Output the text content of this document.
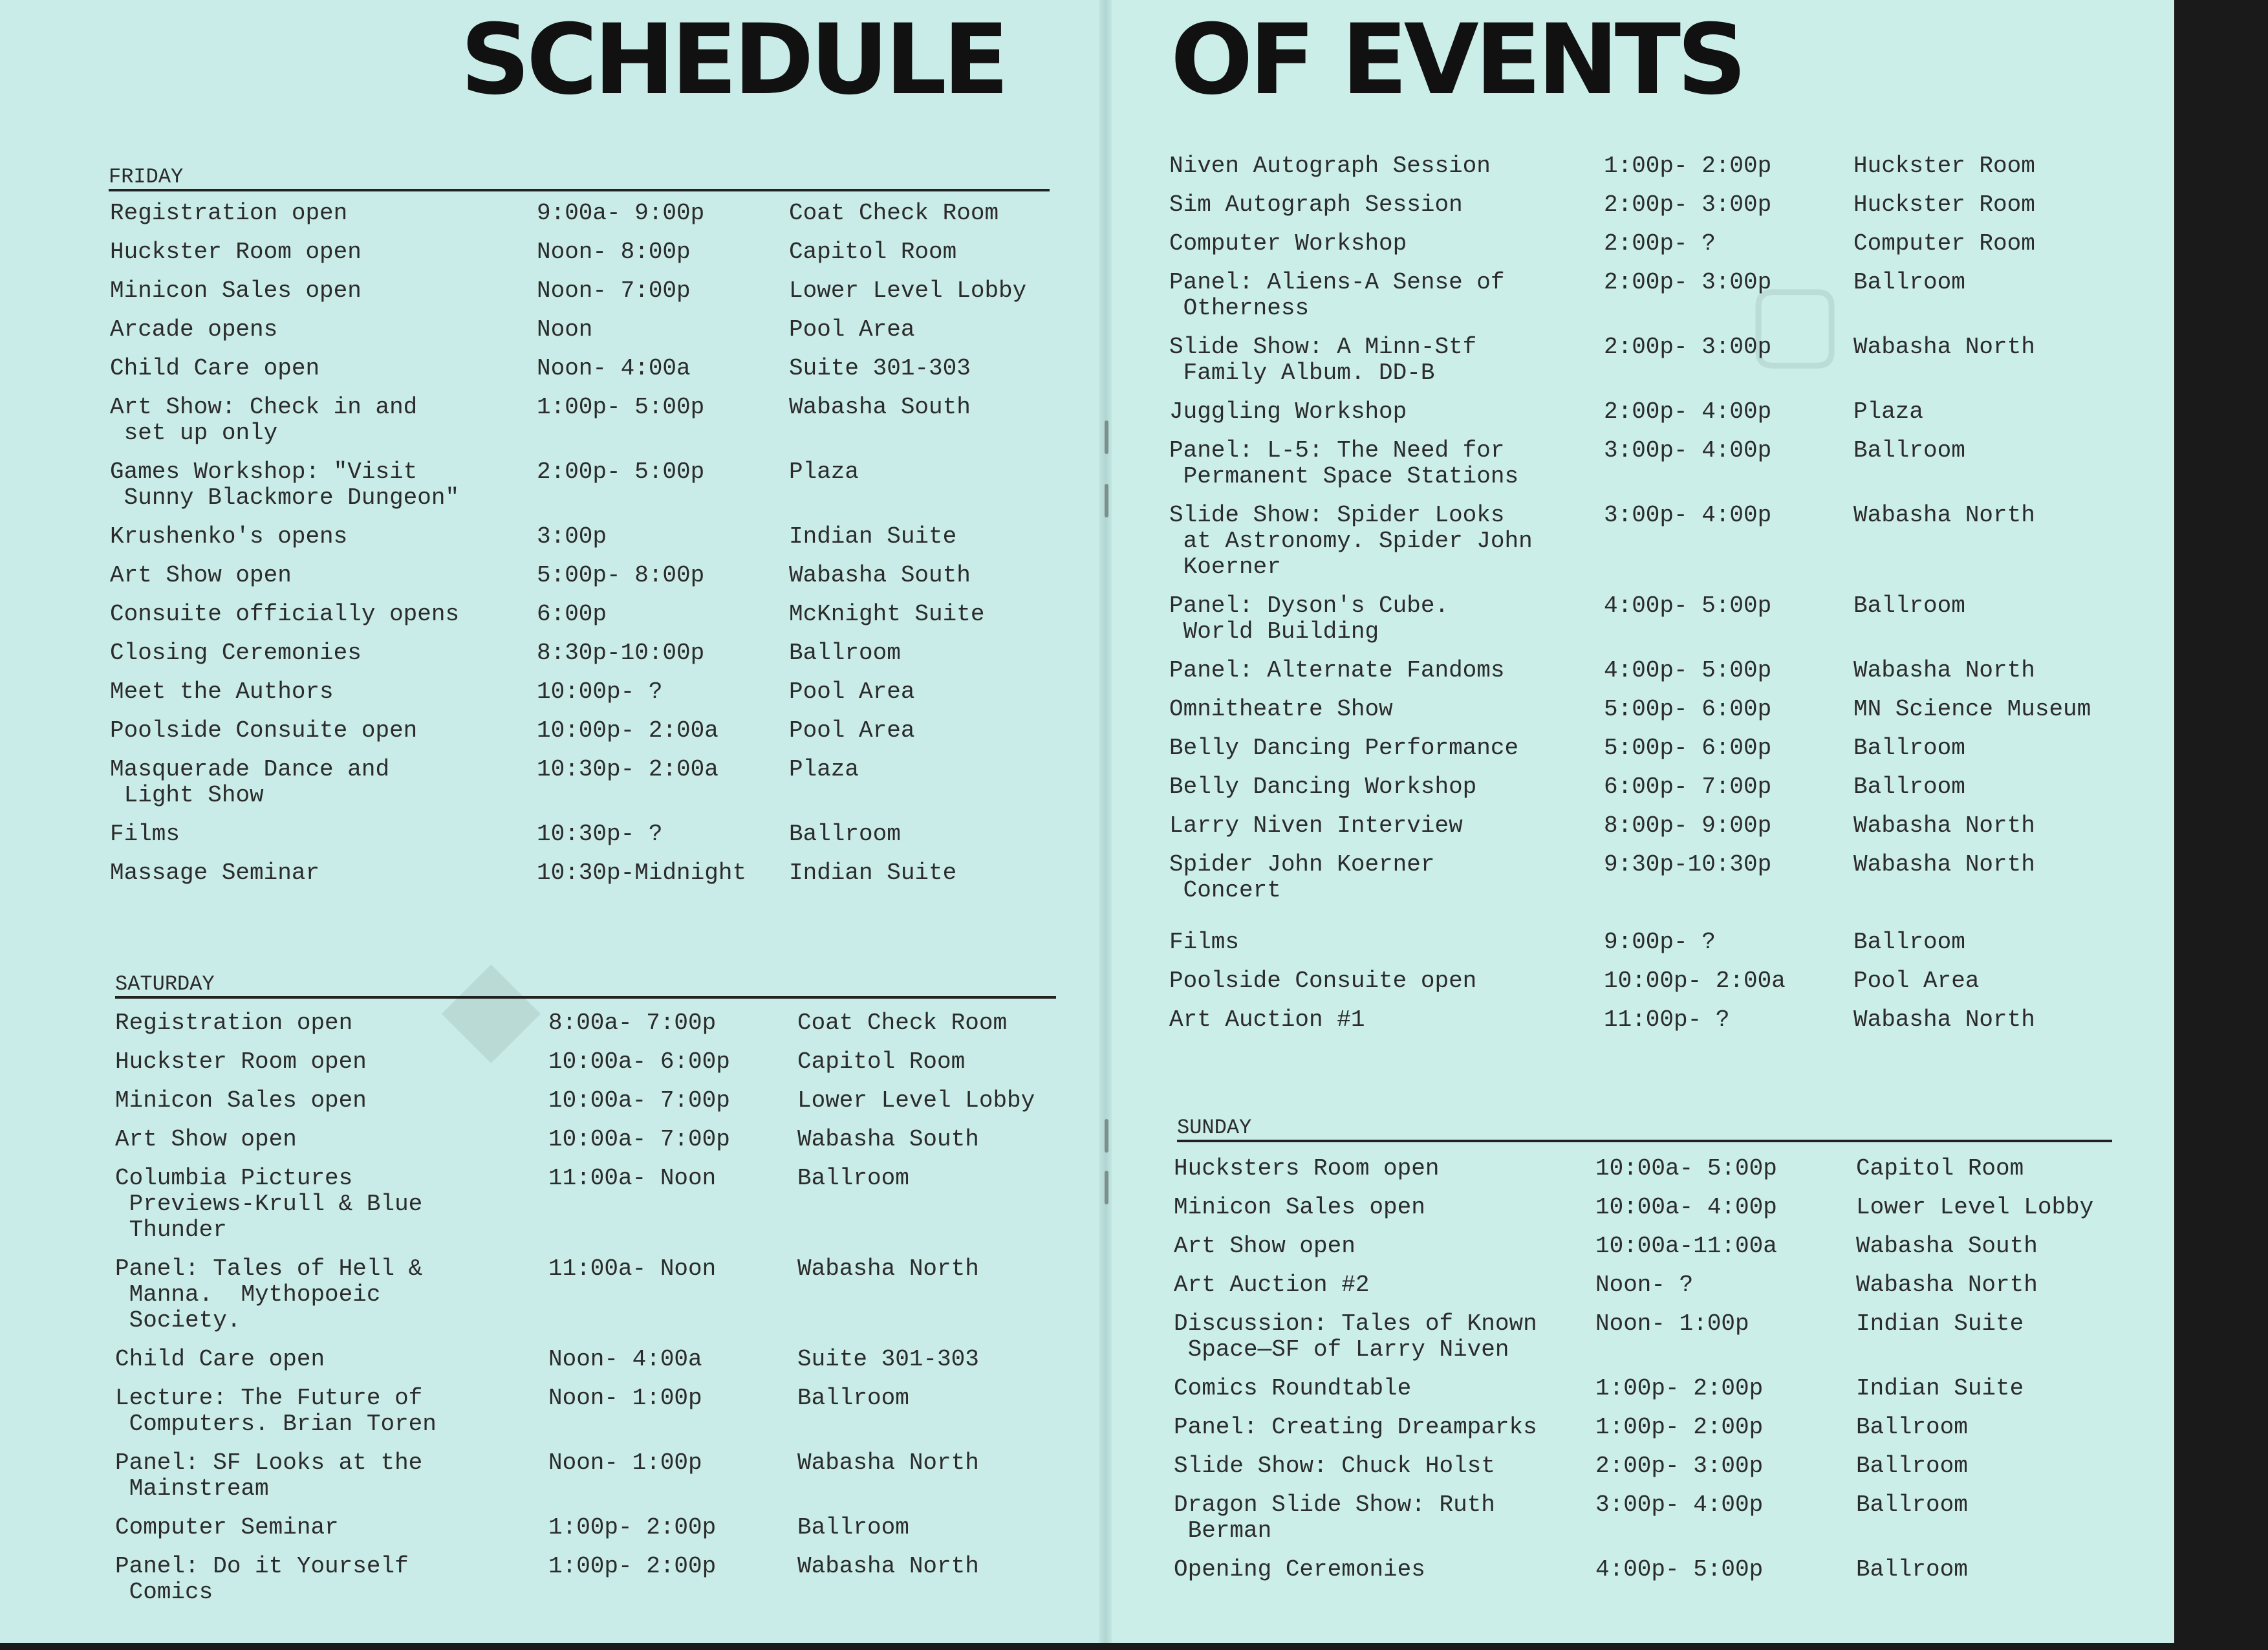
◆
▢
SCHEDULE OF EVENTS
FRIDAY
Registration open	9:00a- 9:00p	Coat Check Room
Huckster Room open	Noon- 8:00p	Capitol Room
Minicon Sales open	Noon- 7:00p	Lower Level Lobby
Arcade opens	Noon	Pool Area
Child Care open	Noon- 4:00a	Suite 301-303
Art Show: Check in and
set up only
1:00p- 5:00p	Wabasha South
Games Workshop: "Visit
Sunny Blackmore Dungeon"
2:00p- 5:00p	Plaza
Krushenko's opens	3:00p	Indian Suite
Art Show open	5:00p- 8:00p	Wabasha South
Consuite officially opens	6:00p	McKnight Suite
Closing Ceremonies	8:30p-10:00p	Ballroom
Meet the Authors	10:00p- ?	Pool Area
Poolside Consuite open	10:00p- 2:00a	Pool Area
Masquerade Dance and
Light Show
10:30p- 2:00a	Plaza
Films	10:30p- ?	Ballroom
Massage Seminar	10:30p-Midnight Indian Suite
SATURDAY
Registration open	8:00a- 7:00p	Coat Check Room
Huckster Room open	10:00a- 6:00p	Capitol Room
Minicon Sales open	10:00a- 7:00p	Lower Level Lobby
Art Show open	10:00a- 7:00p	Wabasha South
Columbia Pictures
Previews-Krull & Blue
Thunder
11:00a- Noon	Ballroom
Panel: Tales of Hell &
Manna.  Mythopoeic
Society.
11:00a- Noon	Wabasha North
Child Care open	Noon- 4:00a	Suite 301-303
Lecture: The Future of
Computers. Brian Toren
Noon- 1:00p	Ballroom
Panel: SF Looks at the
Mainstream
Noon- 1:00p	Wabasha North
Computer Seminar	1:00p- 2:00p	Ballroom
Panel: Do it Yourself
Comics
1:00p- 2:00p	Wabasha North
Niven Autograph Session	1:00p- 2:00p	Huckster Room
Sim Autograph Session	2:00p- 3:00p	Huckster Room
Computer Workshop	2:00p- ?	Computer Room
Panel: Aliens-A Sense of
Otherness
2:00p- 3:00p	Ballroom
Slide Show: A Minn-Stf
Family Album. DD-B
2:00p- 3:00p	Wabasha North
Juggling Workshop	2:00p- 4:00p	Plaza
Panel: L-5: The Need for
Permanent Space Stations
3:00p- 4:00p	Ballroom
Slide Show: Spider Looks
at Astronomy. Spider John
Koerner
3:00p- 4:00p	Wabasha North
Panel: Dyson's Cube.
World Building
4:00p- 5:00p	Ballroom
Panel: Alternate Fandoms	4:00p- 5:00p	Wabasha North
Omnitheatre Show	5:00p- 6:00p	MN Science Museum
Belly Dancing Performance	5:00p- 6:00p	Ballroom
Belly Dancing Workshop	6:00p- 7:00p	Ballroom
Larry Niven Interview	8:00p- 9:00p	Wabasha North
Spider John Koerner
Concert
9:30p-10:30p	Wabasha North
Films	9:00p- ?	Ballroom
Poolside Consuite open	10:00p- 2:00a	Pool Area
Art Auction #1	11:00p- ?	Wabasha North
SUNDAY
Hucksters Room open	10:00a- 5:00p	Capitol Room
Minicon Sales open	10:00a- 4:00p	Lower Level Lobby
Art Show open	10:00a-11:00a	Wabasha South
Art Auction #2	Noon- ?	Wabasha North
Discussion: Tales of Known
Space—SF of Larry Niven
Noon- 1:00p	Indian Suite
Comics Roundtable	1:00p- 2:00p	Indian Suite
Panel: Creating Dreamparks	1:00p- 2:00p	Ballroom
Slide Show: Chuck Holst	2:00p- 3:00p	Ballroom
Dragon Slide Show: Ruth
Berman
3:00p- 4:00p	Ballroom
Opening Ceremonies	4:00p- 5:00p	Ballroom
